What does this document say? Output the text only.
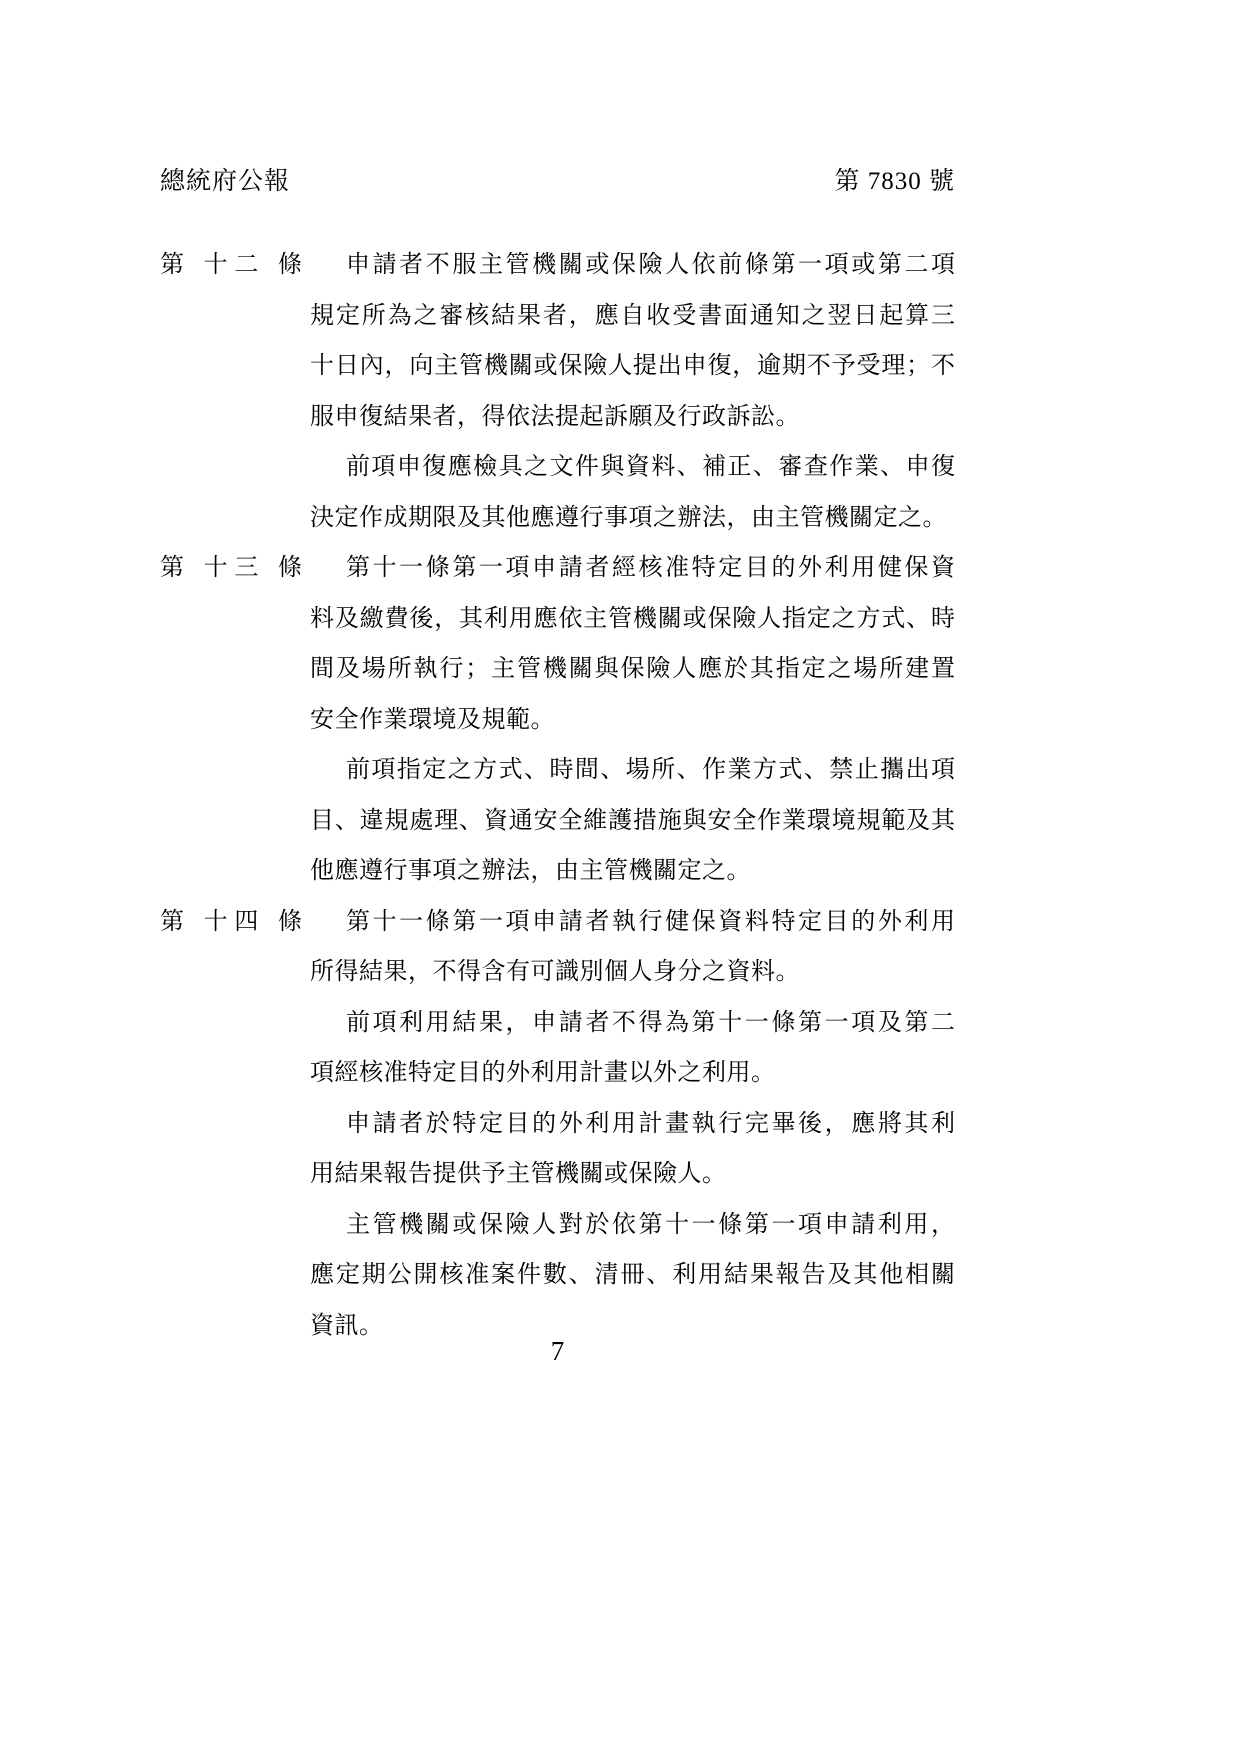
總統府公報	第 7830 號
第 十二 條	申請者不服主管機關或保險人依前條第一項或第二項
規定所為之審核結果者，應自收受書面通知之翌日起算三
十日內，向主管機關或保險人提出申復，逾期不予受理；不
服申復結果者，得依法提起訴願及行政訴訟。
前項申復應檢具之文件與資料、補正、審查作業、申復
決定作成期限及其他應遵行事項之辦法，由主管機關定之。
第 十三 條	第十一條第一項申請者經核准特定目的外利用健保資
料及繳費後，其利用應依主管機關或保險人指定之方式、時
間及場所執行；主管機關與保險人應於其指定之場所建置
安全作業環境及規範。
前項指定之方式、時間、場所、作業方式、禁止攜出項
目、違規處理、資通安全維護措施與安全作業環境規範及其
他應遵行事項之辦法，由主管機關定之。
第 十四 條	第十一條第一項申請者執行健保資料特定目的外利用
所得結果，不得含有可識別個人身分之資料。
前項利用結果，申請者不得為第十一條第一項及第二
項經核准特定目的外利用計畫以外之利用。
申請者於特定目的外利用計畫執行完畢後，應將其利
用結果報告提供予主管機關或保險人。
主管機關或保險人對於依第十一條第一項申請利用，
應定期公開核准案件數、清冊、利用結果報告及其他相關
資訊。
7
